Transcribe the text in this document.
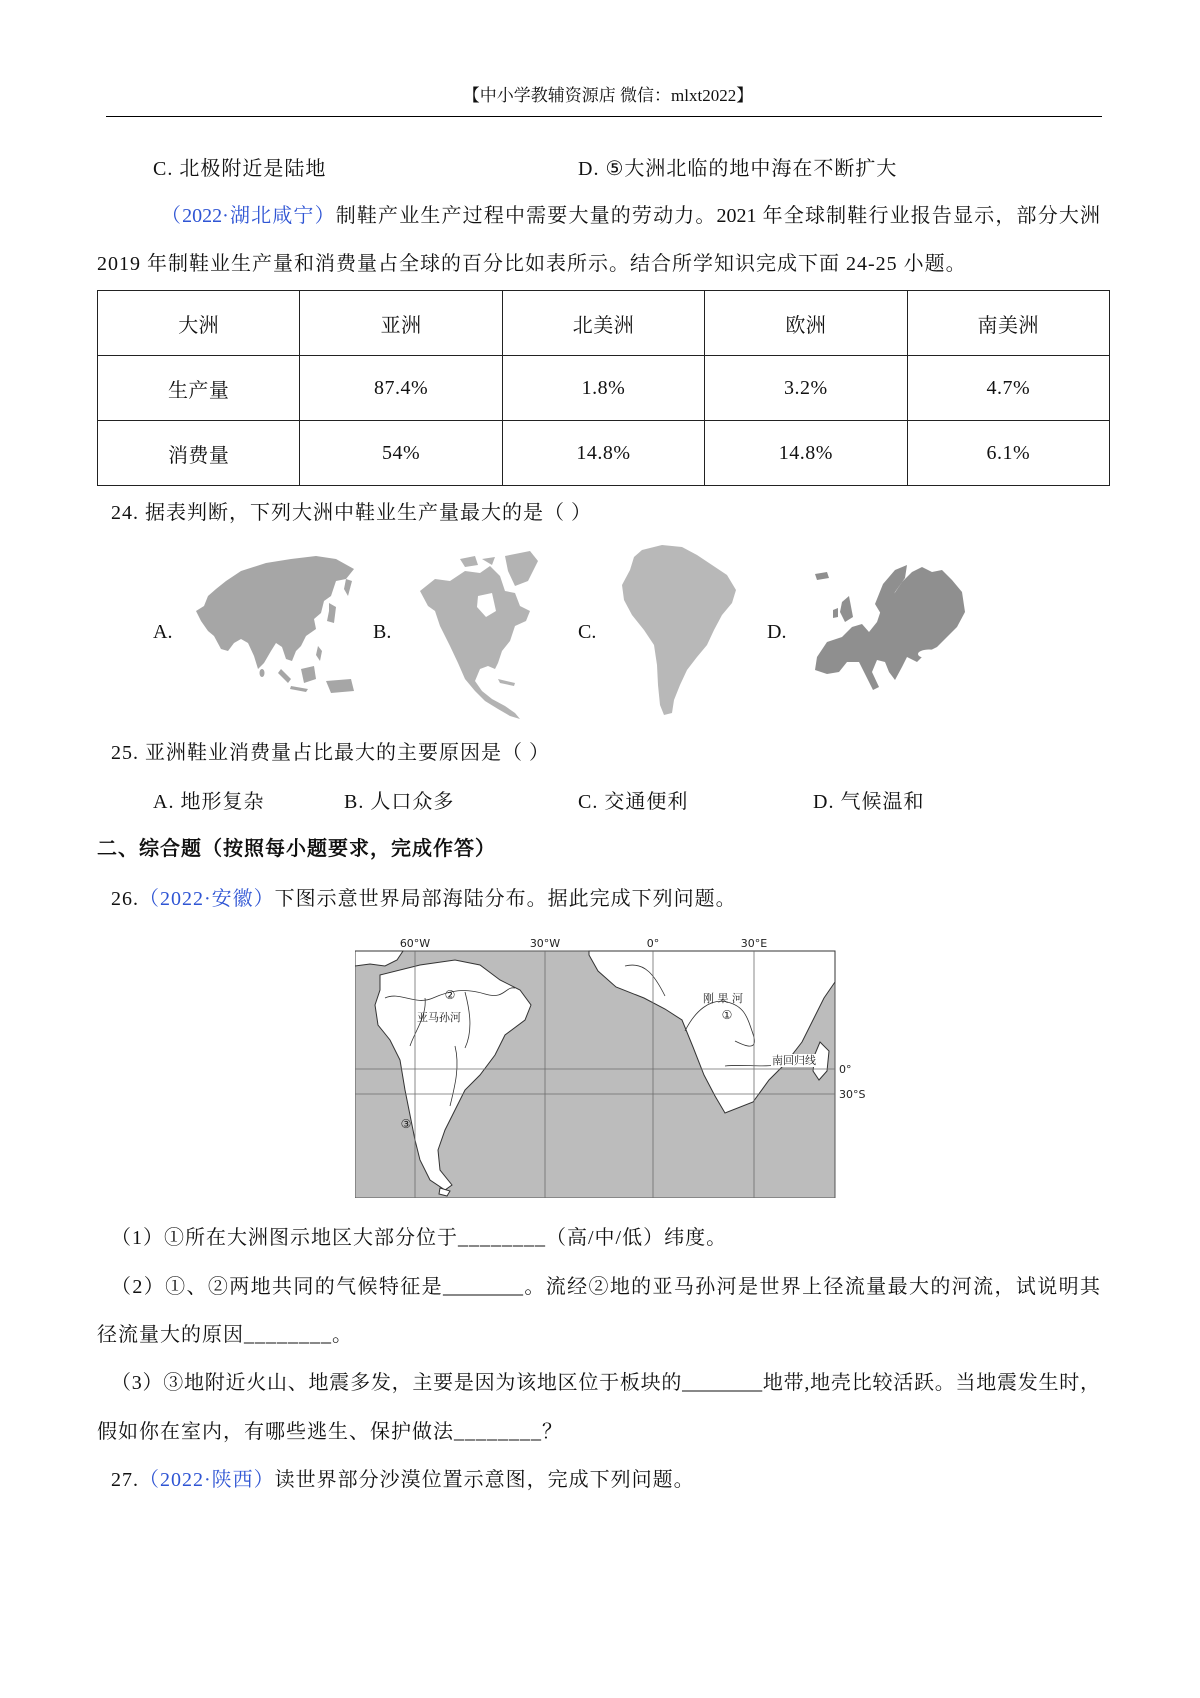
【中小学教辅资源店 微信：mlxt2022】
C. 北极附近是陆地	D. ⑤大洲北临的地中海在不断扩大
（2022·湖北咸宁）制鞋产业生产过程中需要大量的劳动力。2021 年全球制鞋行业报告显示，部分大洲
2019 年制鞋业生产量和消费量占全球的百分比如表所示。结合所学知识完成下面 24-25 小题。
大洲	亚洲	北美洲	欧洲	南美洲
生产量	87.4%	1.8%	3.2%	4.7%
消费量	54%	14.8%	14.8%	6.1%
24. 据表判断，下列大洲中鞋业生产量最大的是（ ）
A.	B.	C.	D.
25. 亚洲鞋业消费量占比最大的主要原因是（ ）
A. 地形复杂	B. 人口众多	C. 交通便利	D. 气候温和
二、综合题（按照每小题要求，完成作答）
26.（2022·安徽）下图示意世界局部海陆分布。据此完成下列问题。
60°W	30°W	0°	30°E
0°
30°S
②
亚马孙河
刚 果 河
①
③
南回归线
（1）①所在大洲图示地区大部分位于________（高/中/低）纬度。
（2）①、②两地共同的气候特征是________。流经②地的亚马孙河是世界上径流量最大的河流，试说明其
径流量大的原因________。
（3）③地附近火山、地震多发，主要是因为该地区位于板块的________地带,地壳比较活跃。当地震发生时，
假如你在室内，有哪些逃生、保护做法________？
27.（2022·陕西）读世界部分沙漠位置示意图，完成下列问题。
